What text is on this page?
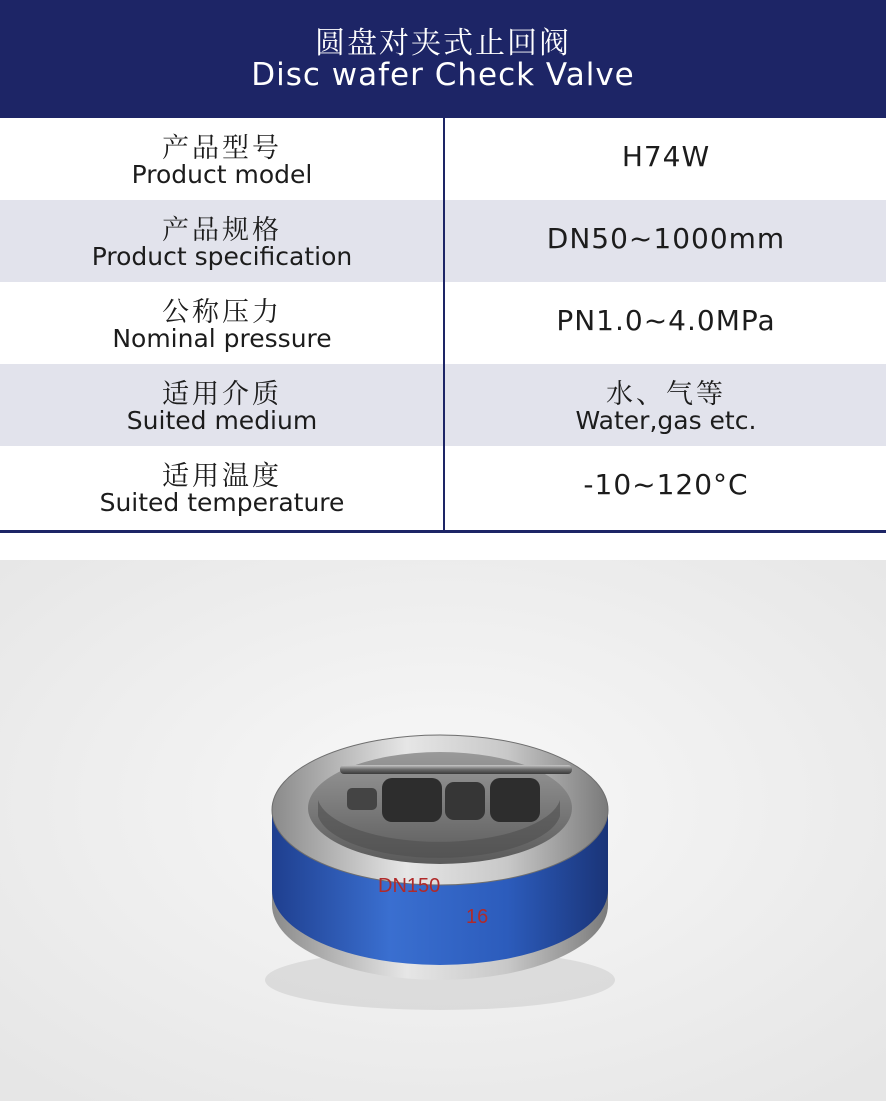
圆盘对夹式止回阀
Disc wafer Check Valve
产品型号
Product model
H74W
产品规格
Product specification
DN50~1000mm
公称压力
Nominal pressure
PN1.0~4.0MPa
适用介质
Suited medium
水、气等
Water,gas etc.
适用温度
Suited temperature
-10~120°C
DN150
16
